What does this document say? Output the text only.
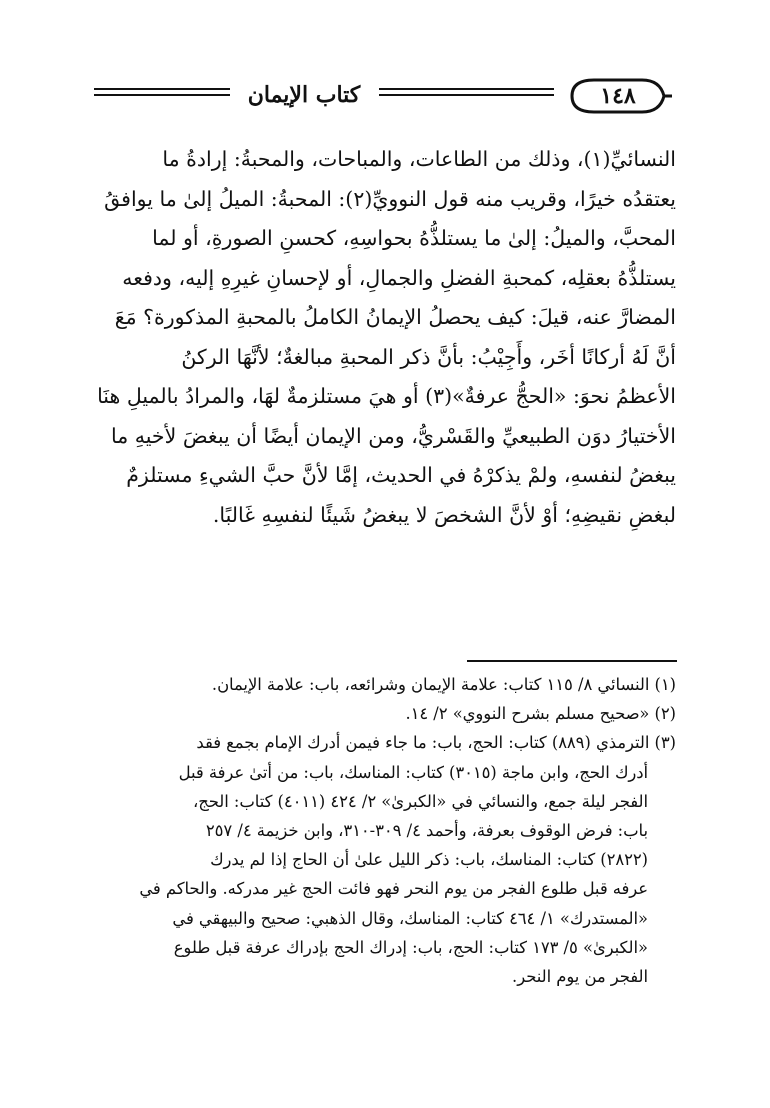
كتاب الإيمان	١٤٨
النسائيِّ(١)، وذلك من الطاعات، والمباحات، والمحبةُ: إرادةُ ما
يعتقدُه خيرًا، وقريب منه قول النوويِّ(٢): المحبةُ: الميلُ إلىٰ ما يوافقُ
المحبَّ، والميلُ: إلىٰ ما يستلذُّهُ بحواسِهِ، كحسنِ الصورةِ، أو لما
يستلذُّهُ بعقلِه، كمحبةِ الفضلِ والجمالِ، أو لإحسانِ غيرِهِ إليه، ودفعه
المضارَّ عنه، قيلَ: كيف يحصلُ الإيمانُ الكاملُ بالمحبةِ المذكورة؟ مَعَ
أنَّ لَهُ أركانًا أخَر، وأَجِيْبُ: بأنَّ ذكر المحبةِ مبالغةٌ؛ لأنَّهَا الركنُ
الأعظمُ نحوَ: «الحجُّ عرفةٌ»(٣) أو هيَ مستلزمةٌ لهَا، والمرادُ بالميلِ هنَا
الأختيارُ دوَن الطبيعيِّ والقَسْريُّ، ومن الإيمان أيضًا أن يبغضَ لأخيهِ ما
يبغضُ لنفسهِ، ولمْ يذكرْهُ في الحديث، إمَّا لأنَّ حبَّ الشيءِ مستلزمٌ
لبغضِ نقيضِهِ؛ أوْ لأنَّ الشخصَ لا يبغضُ شَيئًا لنفسِهِ غَالبًا.
(١) النسائي ٨/ ١١٥ كتاب: علامة الإيمان وشرائعه، باب: علامة الإيمان.
(٢) «صحيح مسلم بشرح النووي» ٢/ ١٤.
(٣) الترمذي (٨٨٩) كتاب: الحج، باب: ما جاء فيمن أدرك الإمام بجمع فقد
أدرك الحج، وابن ماجة (٣٠١٥) كتاب: المناسك، باب: من أتىٰ عرفة قبل
الفجر ليلة جمع، والنسائي في «الكبرىٰ» ٢/ ٤٢٤ (٤٠١١) كتاب: الحج،
باب: فرض الوقوف بعرفة، وأحمد ٤/ ٣٠٩-٣١٠، وابن خزيمة ٤/ ٢٥٧
(٢٨٢٢) كتاب: المناسك، باب: ذكر الليل علىٰ أن الحاج إذا لم يدرك
عرفه قبل طلوع الفجر من يوم النحر فهو فائت الحج غير مدركه. والحاكم في
«المستدرك» ١/ ٤٦٤ كتاب: المناسك، وقال الذهبي: صحيح والبيهقي في
«الكبرىٰ» ٥/ ١٧٣ كتاب: الحج، باب: إدراك الحج بإدراك عرفة قبل طلوع
الفجر من يوم النحر.
